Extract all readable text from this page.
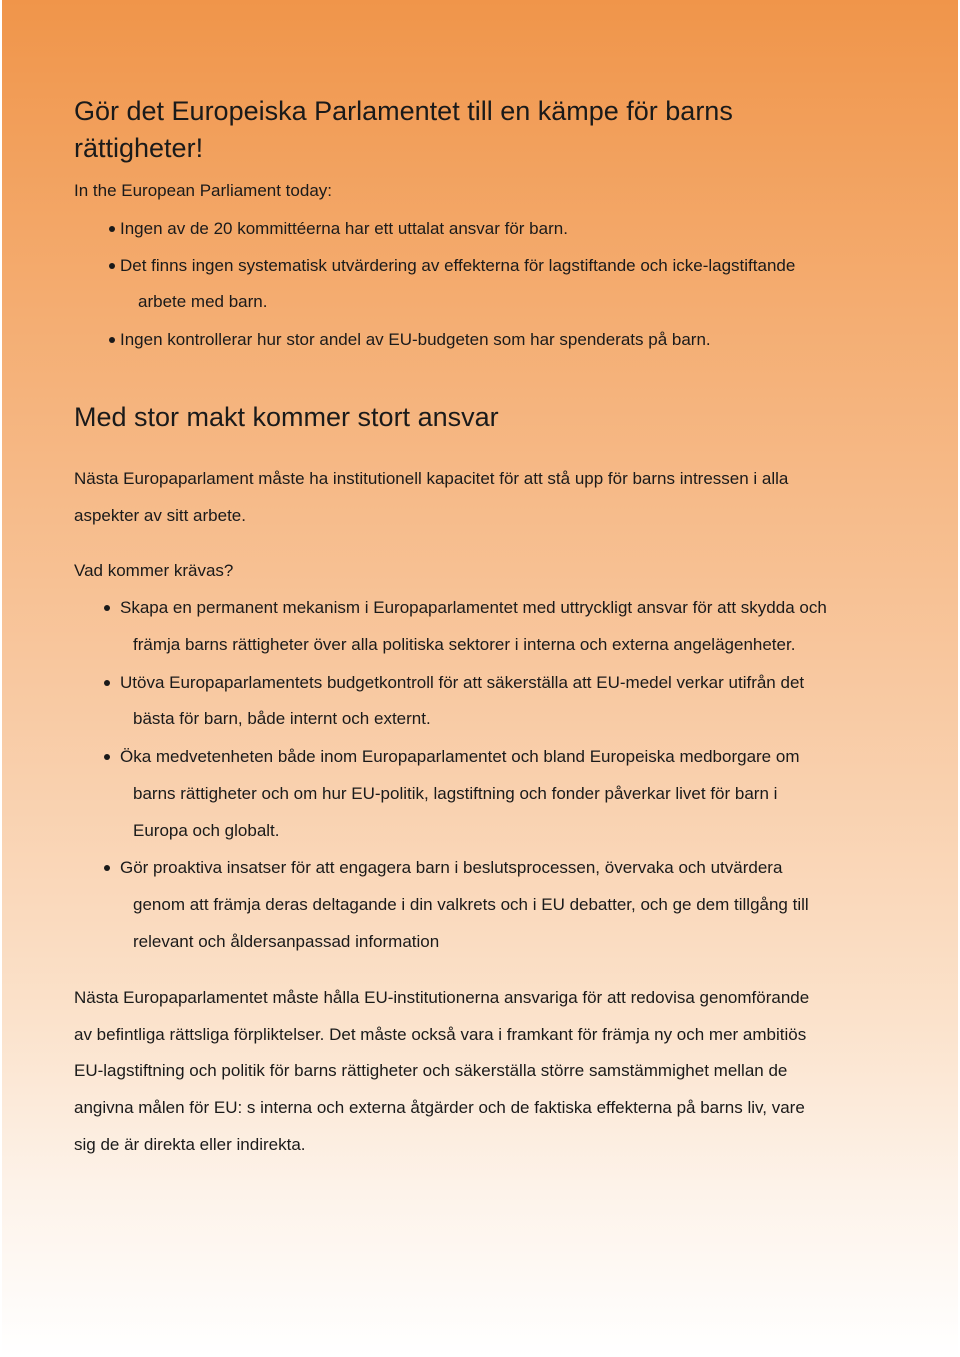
Gör det Europeiska Parlamentet till en kämpe för barns
rättigheter!

In the European Parliament today:

Ingen av de 20 kommittéerna har ett uttalat ansvar för barn.

Det finns ingen systematisk utvärdering av effekterna för lagstiftande och icke-lagstiftande

arbete med barn.

Ingen kontrollerar hur stor andel av EU-budgeten som har spenderats på barn.

Med stor makt kommer stort ansvar

Nästa Europaparlament måste ha institutionell kapacitet för att stå upp för barns intressen i alla

aspekter av sitt arbete.

Vad kommer krävas?

Skapa en permanent mekanism i Europaparlamentet med uttryckligt ansvar för att skydda och

främja barns rättigheter över alla politiska sektorer i interna och externa angelägenheter.

Utöva Europaparlamentets budgetkontroll för att säkerställa att EU-medel verkar utifrån det

bästa för barn, både internt och externt.

Öka medvetenheten både inom Europaparlamentet och bland Europeiska medborgare om

barns rättigheter och om hur EU-politik, lagstiftning och fonder påverkar livet för barn i

Europa och globalt.

Gör proaktiva insatser för att engagera barn i beslutsprocessen, övervaka och utvärdera

genom att främja deras deltagande i din valkrets och i EU debatter, och ge dem tillgång till

relevant och åldersanpassad information

Nästa Europaparlamentet måste hålla EU-institutionerna ansvariga för att redovisa genomförande

av befintliga rättsliga förpliktelser. Det måste också vara i framkant för främja ny och mer ambitiös

EU-lagstiftning och politik för barns rättigheter och säkerställa större samstämmighet mellan de

angivna målen för EU: s interna och externa åtgärder och de faktiska effekterna på barns liv, vare

sig de är direkta eller indirekta.
